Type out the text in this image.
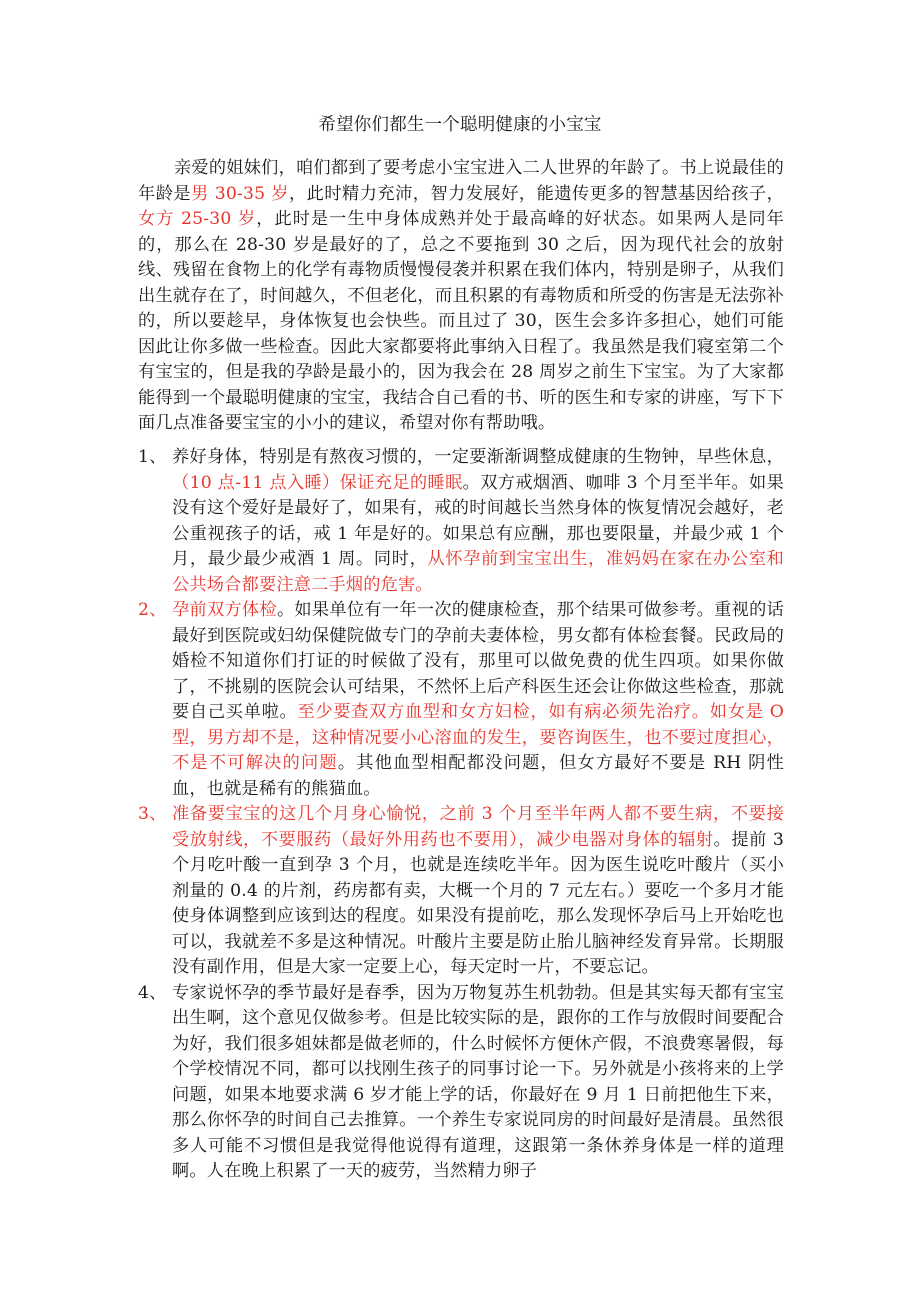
希望你们都生一个聪明健康的小宝宝

亲爱的姐妹们，咱们都到了要考虑小宝宝进入二人世界的年龄了。书上说最佳的年龄是男 30-35 岁，此时精力充沛，智力发展好，能遗传更多的智慧基因给孩子，女方 25-30 岁，此时是一生中身体成熟并处于最高峰的好状态。如果两人是同年的，那么在 28-30 岁是最好的了，总之不要拖到 30 之后，因为现代社会的放射线、残留在食物上的化学有毒物质慢慢侵袭并积累在我们体内，特别是卵子，从我们出生就存在了，时间越久，不但老化，而且积累的有毒物质和所受的伤害是无法弥补的，所以要趁早，身体恢复也会快些。而且过了 30，医生会多许多担心，她们可能因此让你多做一些检查。因此大家都要将此事纳入日程了。我虽然是我们寝室第二个有宝宝的，但是我的孕龄是最小的，因为我会在 28 周岁之前生下宝宝。为了大家都能得到一个最聪明健康的宝宝，我结合自己看的书、听的医生和专家的讲座，写下下面几点准备要宝宝的小小的建议，希望对你有帮助哦。

1、 养好身体，特别是有熬夜习惯的，一定要渐渐调整成健康的生物钟，早些休息，（10 点-11 点入睡）保证充足的睡眠。双方戒烟酒、咖啡 3 个月至半年。如果没有这个爱好是最好了，如果有，戒的时间越长当然身体的恢复情况会越好，老公重视孩子的话，戒 1 年是好的。如果总有应酬，那也要限量，并最少戒 1 个月，最少最少戒酒 1 周。同时，从怀孕前到宝宝出生，准妈妈在家在办公室和公共场合都要注意二手烟的危害。

2、 孕前双方体检。如果单位有一年一次的健康检查，那个结果可做参考。重视的话最好到医院或妇幼保健院做专门的孕前夫妻体检，男女都有体检套餐。民政局的婚检不知道你们打证的时候做了没有，那里可以做免费的优生四项。如果你做了，不挑剔的医院会认可结果，不然怀上后产科医生还会让你做这些检查，那就要自己买单啦。至少要查双方血型和女方妇检，如有病必须先治疗。如女是 O 型，男方却不是，这种情况要小心溶血的发生，要咨询医生，也不要过度担心，不是不可解决的问题。其他血型相配都没问题，但女方最好不要是 RH 阴性血，也就是稀有的熊猫血。

3、 准备要宝宝的这几个月身心愉悦，之前 3 个月至半年两人都不要生病，不要接受放射线，不要服药（最好外用药也不要用），减少电器对身体的辐射。提前 3 个月吃叶酸一直到孕 3 个月，也就是连续吃半年。因为医生说吃叶酸片（买小剂量的 0.4 的片剂，药房都有卖，大概一个月的 7 元左右。）要吃一个多月才能使身体调整到应该到达的程度。如果没有提前吃，那么发现怀孕后马上开始吃也可以，我就差不多是这种情况。叶酸片主要是防止胎儿脑神经发育异常。长期服没有副作用，但是大家一定要上心，每天定时一片，不要忘记。

4、 专家说怀孕的季节最好是春季，因为万物复苏生机勃勃。但是其实每天都有宝宝出生啊，这个意见仅做参考。但是比较实际的是，跟你的工作与放假时间要配合为好，我们很多姐妹都是做老师的，什么时候怀方便休产假，不浪费寒暑假，每个学校情况不同，都可以找刚生孩子的同事讨论一下。另外就是小孩将来的上学问题，如果本地要求满 6 岁才能上学的话，你最好在 9 月 1 日前把他生下来，那么你怀孕的时间自己去推算。一个养生专家说同房的时间最好是清晨。虽然很多人可能不习惯但是我觉得他说得有道理，这跟第一条休养身体是一样的道理啊。人在晚上积累了一天的疲劳，当然精力卵子
